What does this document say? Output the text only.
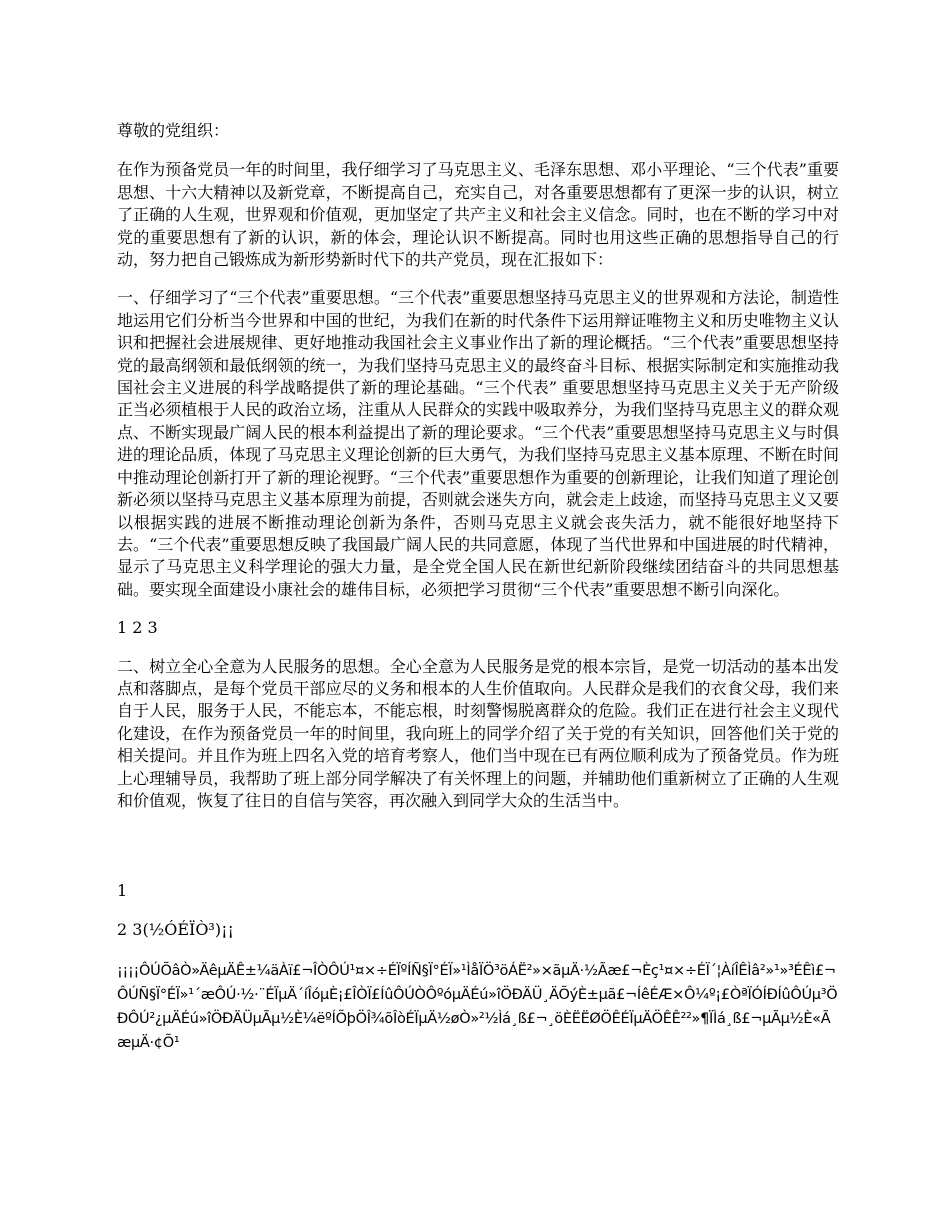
尊敬的党组织：

在作为预备党员一年的时间里，我仔细学习了马克思主义、毛泽东思想、邓小平理论、“三个代表”重要思想、十六大精神以及新党章，不断提高自己，充实自己，对各重要思想都有了更深一步的认识，树立了正确的人生观，世界观和价值观，更加坚定了共产主义和社会主义信念。同时，也在不断的学习中对党的重要思想有了新的认识，新的体会，理论认识不断提高。同时也用这些正确的思想指导自己的行动，努力把自己锻炼成为新形势新时代下的共产党员，现在汇报如下：

一、仔细学习了“三个代表”重要思想。“三个代表”重要思想坚持马克思主义的世界观和方法论，制造性地运用它们分析当今世界和中国的世纪，为我们在新的时代条件下运用辩证唯物主义和历史唯物主义认识和把握社会进展规律、更好地推动我国社会主义事业作出了新的理论概括。“三个代表”重要思想坚持党的最高纲领和最低纲领的统一，为我们坚持马克思主义的最终奋斗目标、根据实际制定和实施推动我国社会主义进展的科学战略提供了新的理论基础。“三个代表” 重要思想坚持马克思主义关于无产阶级正当必须植根于人民的政治立场，注重从人民群众的实践中吸取养分，为我们坚持马克思主义的群众观点、不断实现最广阔人民的根本利益提出了新的理论要求。“三个代表”重要思想坚持马克思主义与时俱进的理论品质，体现了马克思主义理论创新的巨大勇气，为我们坚持马克思主义基本原理、不断在时间中推动理论创新打开了新的理论视野。“三个代表”重要思想作为重要的创新理论，让我们知道了理论创新必须以坚持马克思主义基本原理为前提，否则就会迷失方向，就会走上歧途，而坚持马克思主义又要以根据实践的进展不断推动理论创新为条件，否则马克思主义就会丧失活力，就不能很好地坚持下去。“三个代表”重要思想反映了我国最广阔人民的共同意愿，体现了当代世界和中国进展的时代精神，显示了马克思主义科学理论的强大力量，是全党全国人民在新世纪新阶段继续团结奋斗的共同思想基础。要实现全面建设小康社会的雄伟目标，必须把学习贯彻“三个代表”重要思想不断引向深化。

1 2 3

二、树立全心全意为人民服务的思想。全心全意为人民服务是党的根本宗旨，是党一切活动的基本出发点和落脚点，是每个党员干部应尽的义务和根本的人生价值取向。人民群众是我们的衣食父母，我们来自于人民，服务于人民，不能忘本，不能忘根，时刻警惕脱离群众的危险。我们正在进行社会主义现代化建设，在作为预备党员一年的时间里，我向班上的同学介绍了关于党的有关知识，回答他们关于党的相关提问。并且作为班上四名入党的培育考察人，他们当中现在已有两位顺利成为了预备党员。作为班上心理辅导员，我帮助了班上部分同学解决了有关怀理上的问题，并辅助他们重新树立了正确的人生观和价值观，恢复了往日的自信与笑容，再次融入到同学大众的生活当中。

1

2 3(½ÓÉÏÒ³)¡¡

¡¡¡¡ÔÚÕâÒ»ÄêµÄÊ±¼äÀï£¬ÎÒÔÚ¹¤×÷ÉÏºÍÑ§Ï°ÉÏ»¹ÌåÏÖ³öÁË²»×ãµÄ·½Ãæ£¬Èç¹¤×÷ÉÏ´¦ÀíÎÊÌâ²»¹»³ÉÊì£¬ÔÚÑ§Ï°ÉÏ»¹´æÔÚ·½·¨ÉÏµÄ´íÎóµÈ¡£ÎÒÏ£ÍûÔÚÒÔºóµÄÉú»îÖÐÄÜ¸ÄÕýÈ±µã£¬ÍêÉÆ×Ô¼º¡£ÒªÏÓÍÐÍûÔÚµ³ÖÐÔÚ²¿µÄÉú»îÖÐÄÜµÃµ½È¼ëºÍÕþÖÎ¾õÎòÉÏµÄ½øÒ»²½Ìá¸ß£¬¸öÈËËØÖÊÉÏµÄÖÊÊ²²»¶ÏÌá¸ß£¬µÃµ½È«ÃæµÄ·¢Õ¹
